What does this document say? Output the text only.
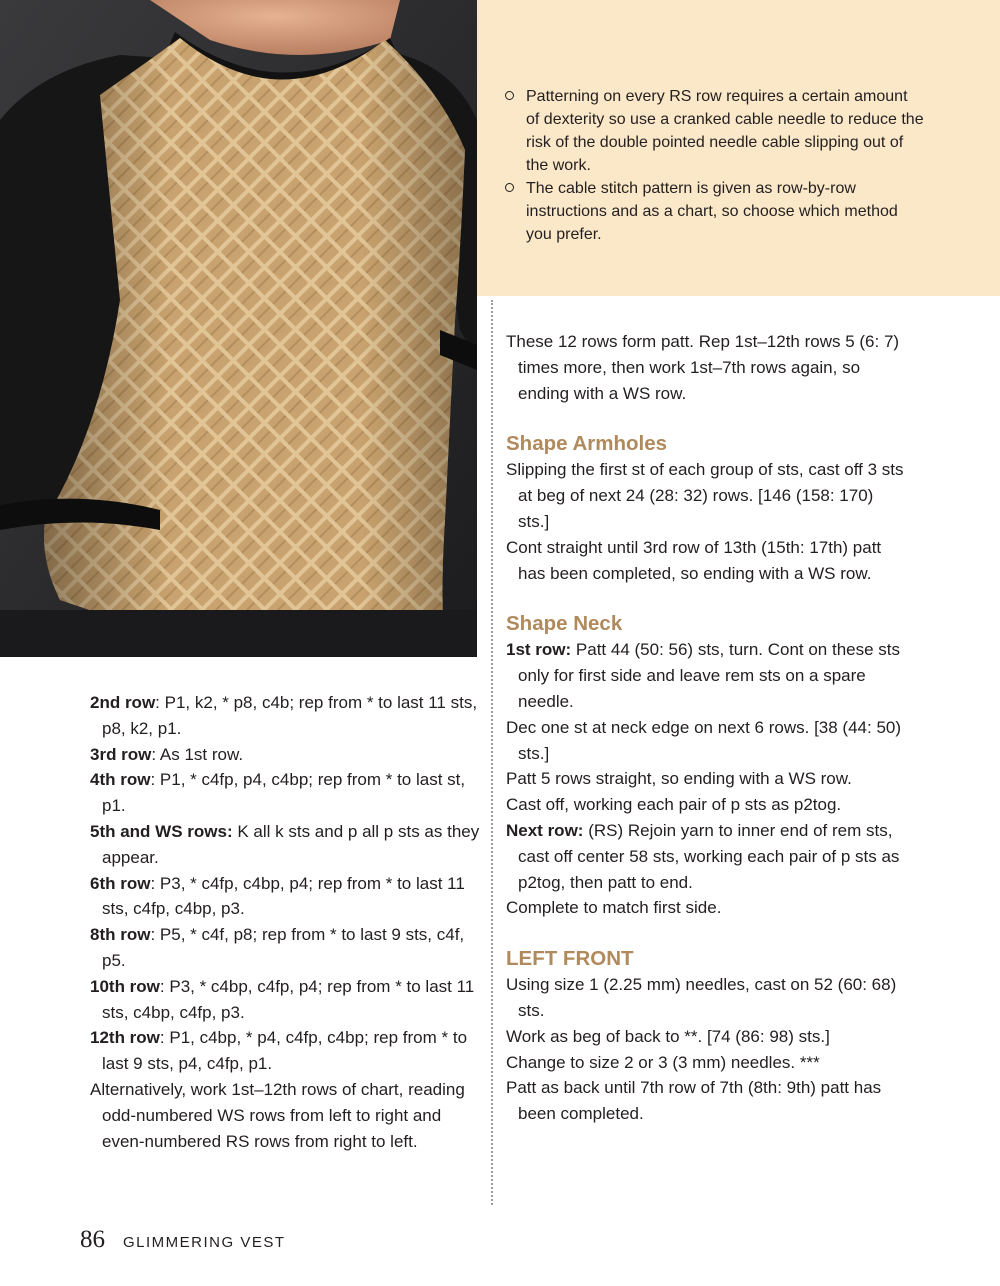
Patterning on every RS row requires a certain amount of dexterity so use a cranked cable needle to reduce the risk of the double pointed needle cable slipping out of the work.
The cable stitch pattern is given as row-by-row instructions and as a chart, so choose which method you prefer.

2nd row: P1, k2, * p8, c4b; rep from * to last 11 sts, p8, k2, p1.

3rd row: As 1st row.

4th row: P1, * c4fp, p4, c4bp; rep from * to last st, p1.

5th and WS rows: K all k sts and p all p sts as they appear.

6th row: P3, * c4fp, c4bp, p4; rep from * to last 11 sts, c4fp, c4bp, p3.

8th row: P5, * c4f, p8; rep from * to last 9 sts, c4f, p5.

10th row: P3, * c4bp, c4fp, p4; rep from * to last 11 sts, c4bp, c4fp, p3.

12th row: P1, c4bp, * p4, c4fp, c4bp; rep from * to last 9 sts, p4, c4fp, p1.

Alternatively, work 1st–12th rows of chart, reading odd-numbered WS rows from left to right and even-numbered RS rows from right to left.

These 12 rows form patt. Rep 1st–12th rows 5 (6: 7) times more, then work 1st–7th rows again, so ending with a WS row.

Shape Armholes

Slipping the first st of each group of sts, cast off 3 sts at beg of next 24 (28: 32) rows. [146 (158: 170) sts.]

Cont straight until 3rd row of 13th (15th: 17th) patt has been completed, so ending with a WS row.

Shape Neck

1st row: Patt 44 (50: 56) sts, turn. Cont on these sts only for first side and leave rem sts on a spare needle.

Dec one st at neck edge on next 6 rows. [38 (44: 50) sts.]

Patt 5 rows straight, so ending with a WS row.

Cast off, working each pair of p sts as p2tog.

Next row: (RS) Rejoin yarn to inner end of rem sts, cast off center 58 sts, working each pair of p sts as p2tog, then patt to end.

Complete to match first side.

LEFT FRONT

Using size 1 (2.25 mm) needles, cast on 52 (60: 68) sts.

Work as beg of back to **. [74 (86: 98) sts.]

Change to size 2 or 3 (3 mm) needles. ***

Patt as back until 7th row of 7th (8th: 9th) patt has been completed.

86 GLIMMERING VEST
